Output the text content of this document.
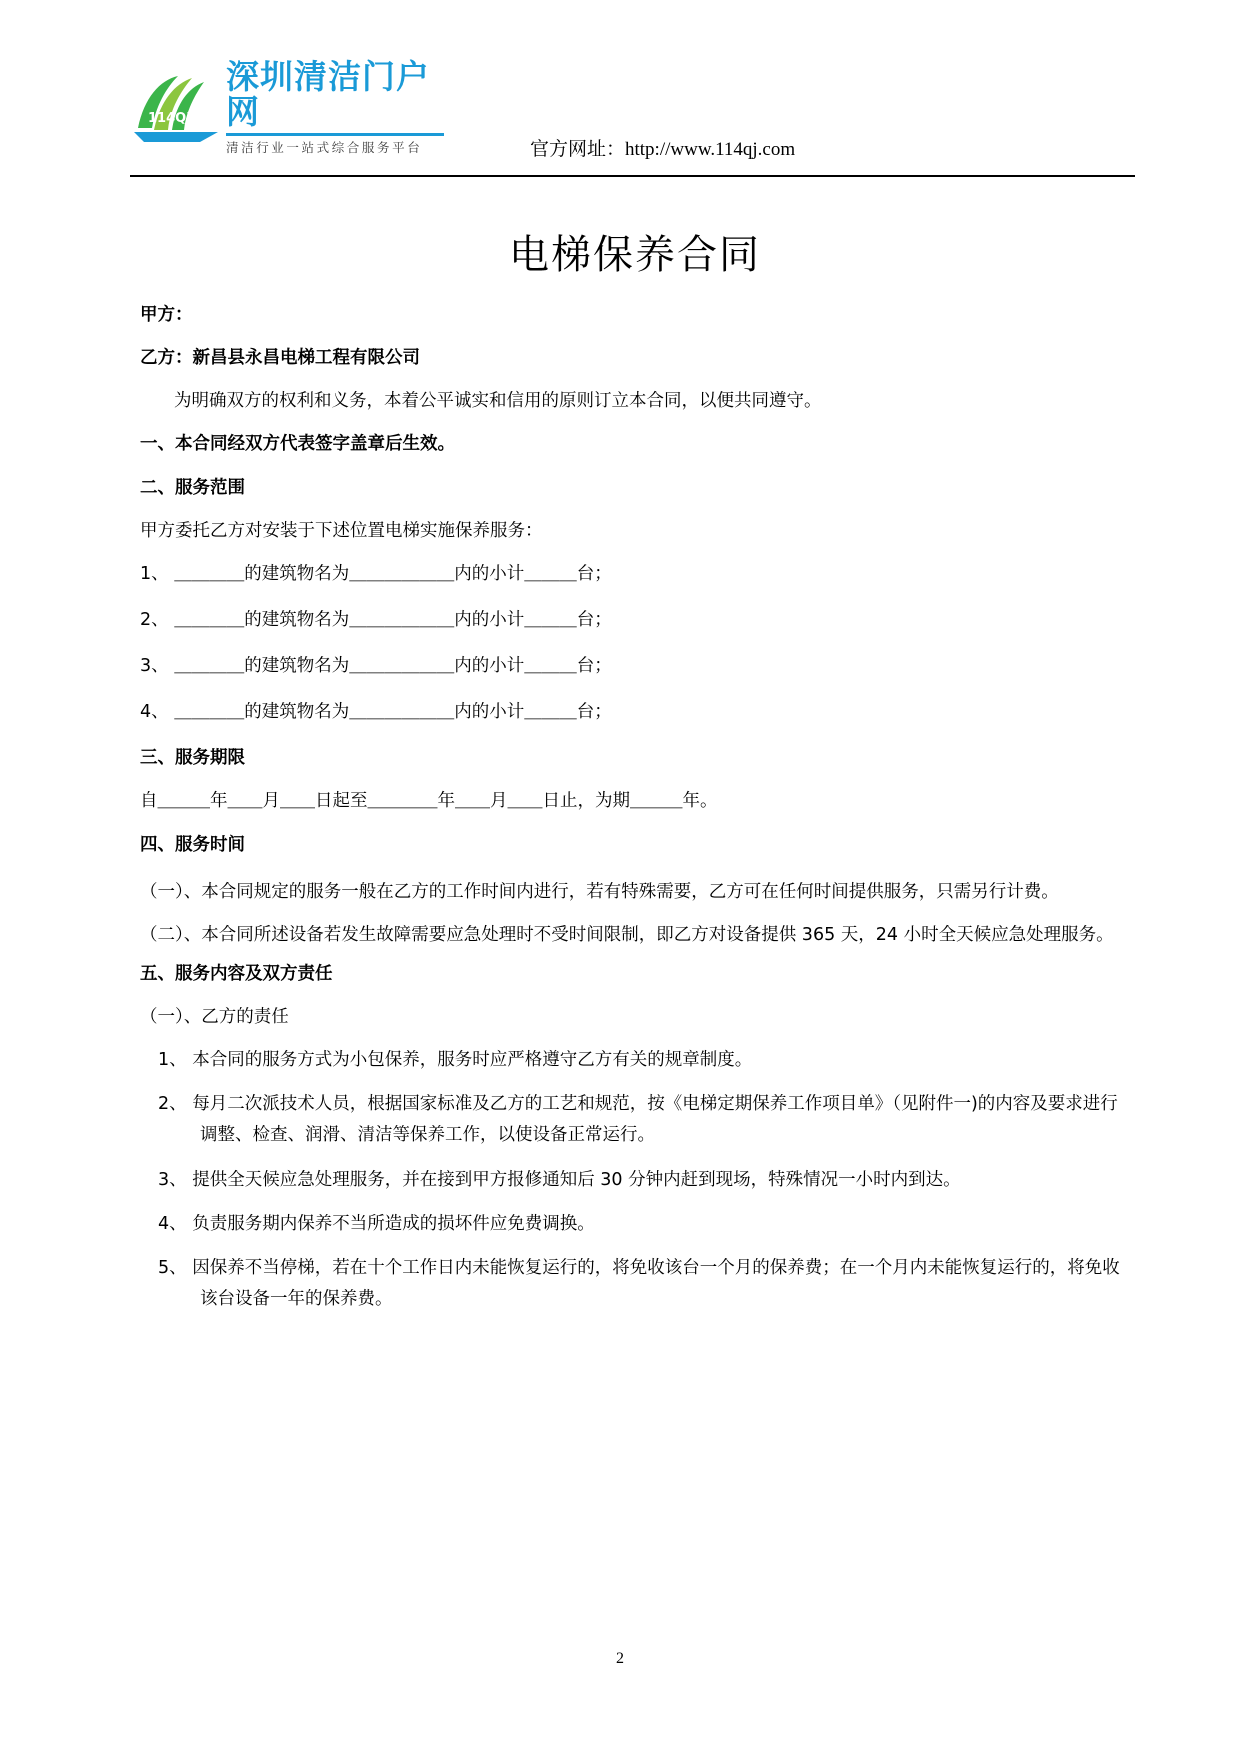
114QJ
深圳清洁门户网
清洁行业一站式综合服务平台	官方网址：http://www.114qj.com
电梯保养合同

甲方：

乙方：新昌县永昌电梯工程有限公司

为明确双方的权利和义务，本着公平诚实和信用的原则订立本合同，以便共同遵守。

一、本合同经双方代表签字盖章后生效。

二、服务范围

甲方委托乙方对安装于下述位置电梯实施保养服务：

1、 ＿＿＿＿的建筑物名为＿＿＿＿＿＿内的小计＿＿＿台；

2、 ＿＿＿＿的建筑物名为＿＿＿＿＿＿内的小计＿＿＿台；

3、 ＿＿＿＿的建筑物名为＿＿＿＿＿＿内的小计＿＿＿台；

4、 ＿＿＿＿的建筑物名为＿＿＿＿＿＿内的小计＿＿＿台；

三、服务期限

自＿＿＿年＿＿月＿＿日起至＿＿＿＿年＿＿月＿＿日止，为期＿＿＿年。

四、服务时间

（一）、本合同规定的服务一般在乙方的工作时间内进行，若有特殊需要，乙方可在任何时间提供服务，只需另行计费。

（二）、本合同所述设备若发生故障需要应急处理时不受时间限制，即乙方对设备提供 365 天，24 小时全天候应急处理服务。

五、服务内容及双方责任

（一）、乙方的责任

1、 本合同的服务方式为小包保养，服务时应严格遵守乙方有关的规章制度。

2、 每月二次派技术人员，根据国家标准及乙方的工艺和规范，按《电梯定期保养工作项目单》（见附件一)的内容及要求进行调整、检查、润滑、清洁等保养工作，以使设备正常运行。

3、 提供全天候应急处理服务，并在接到甲方报修通知后 30 分钟内赶到现场，特殊情况一小时内到达。

4、 负责服务期内保养不当所造成的损坏件应免费调换。

5、 因保养不当停梯，若在十个工作日内未能恢复运行的，将免收该台一个月的保养费；在一个月内未能恢复运行的，将免收该台设备一年的保养费。

2
